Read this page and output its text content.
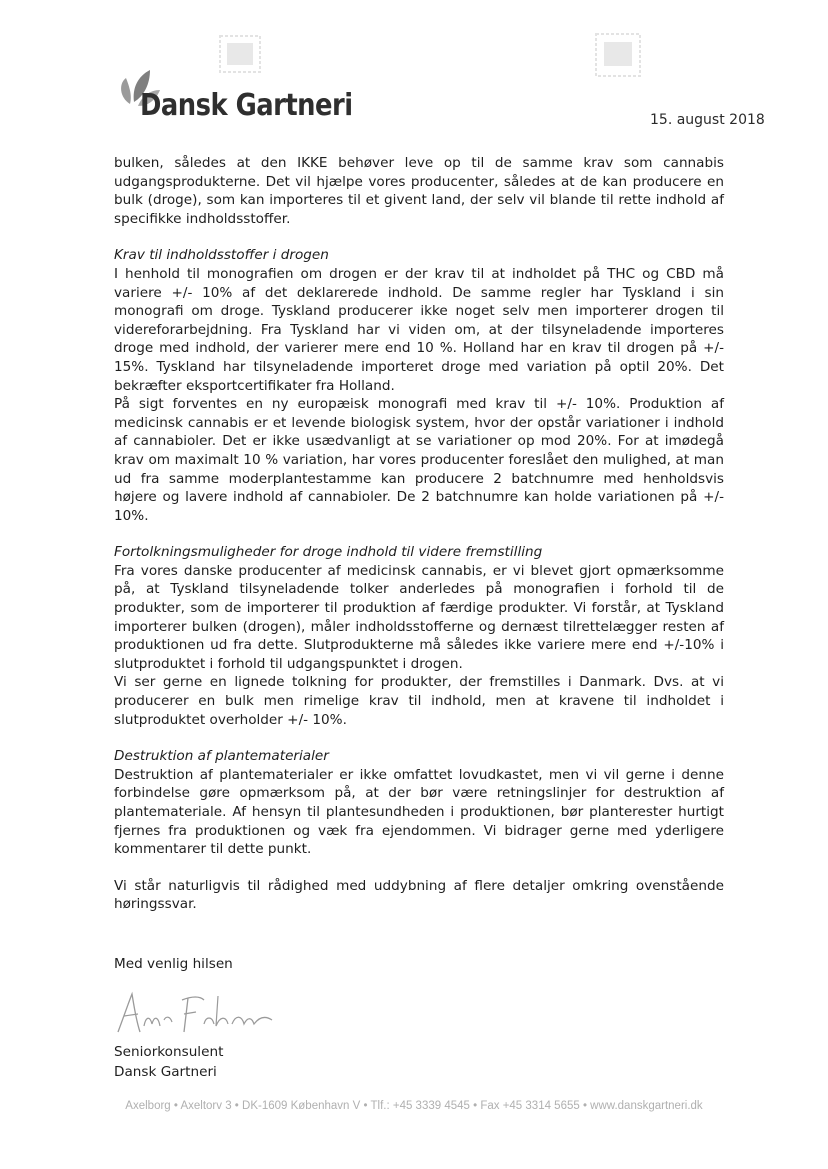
Dansk Gartneri	15. august 2018

bulken, således at den IKKE behøver leve op til de samme krav som cannabis udgangsprodukterne. Det vil hjælpe vores producenter, således at de kan producere en bulk (droge), som kan importeres til et givent land, der selv vil blande til rette indhold af specifikke indholdsstoffer.

Krav til indholdsstoffer i drogen

I henhold til monografien om drogen er der krav til at indholdet på THC og CBD må variere +/- 10% af det deklarerede indhold. De samme regler har Tyskland i sin monografi om droge. Tyskland producerer ikke noget selv men importerer drogen til videreforarbejdning. Fra Tyskland har vi viden om, at der tilsyneladende importeres droge med indhold, der varierer mere end 10 %. Holland har en krav til drogen på +/- 15%. Tyskland har tilsyneladende importeret droge med variation på optil 20%. Det bekræfter eksportcertifikater fra Holland.

På sigt forventes en ny europæisk monografi med krav til +/- 10%. Produktion af medicinsk cannabis er et levende biologisk system, hvor der opstår variationer i indhold af cannabioler. Det er ikke usædvanligt at se variationer op mod 20%. For at imødegå krav om maximalt 10 % variation, har vores producenter foreslået den mulighed, at man ud fra samme moderplantestamme kan producere 2 batchnumre med henholdsvis højere og lavere indhold af cannabioler. De 2 batchnumre kan holde variationen på +/- 10%.

Fortolkningsmuligheder for droge indhold til videre fremstilling

Fra vores danske producenter af medicinsk cannabis, er vi blevet gjort opmærksomme på, at Tyskland tilsyneladende tolker anderledes på monografien i forhold til de produkter, som de importerer til produktion af færdige produkter. Vi forstår, at Tyskland importerer bulken (drogen), måler indholdsstofferne og dernæst tilrettelægger resten af produktionen ud fra dette. Slutprodukterne må således ikke variere mere end +/-10% i slutproduktet i forhold til udgangspunktet i drogen.

Vi ser gerne en lignede tolkning for produkter, der fremstilles i Danmark. Dvs. at vi producerer en bulk men rimelige krav til indhold, men at kravene til indholdet i slutproduktet overholder +/- 10%.

Destruktion af plantematerialer

Destruktion af plantematerialer er ikke omfattet lovudkastet, men vi vil gerne i denne forbindelse gøre opmærksom på, at der bør være retningslinjer for destruktion af plantemateriale. Af hensyn til plantesundheden i produktionen, bør planterester hurtigt fjernes fra produktionen og væk fra ejendommen. Vi bidrager gerne med yderligere kommentarer til dette punkt.

Vi står naturligvis til rådighed med uddybning af flere detaljer omkring ovenstående høringssvar.

Med venlig hilsen
Seniorkonsulent
Dansk Gartneri
Axelborg • Axeltorv 3 • DK-1609 København V • Tlf.: +45 3339 4545 • Fax +45 3314 5655 • www.danskgartneri.dk
